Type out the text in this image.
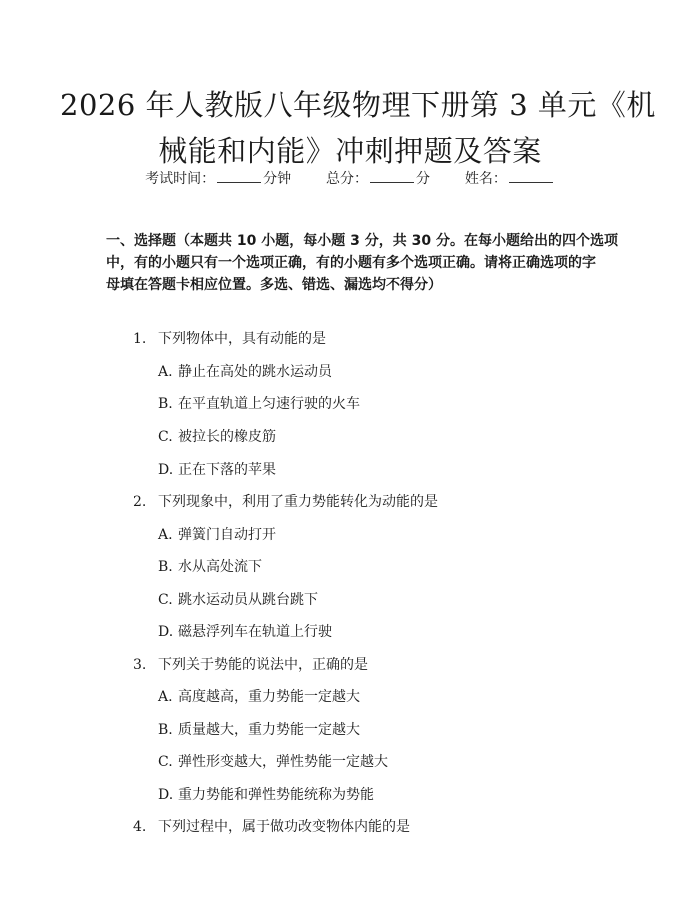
2026 年人教版八年级物理下册第 3 单元《机
械能和内能》冲刺押题及答案
考试时间：	分钟 总分：	分 姓名：
一、选择题（本题共 10 小题，每小题 3 分，共 30 分。在每小题给出的四个选项
中，有的小题只有一个选项正确，有的小题有多个选项正确。请将正确选项的字
母填在答题卡相应位置。多选、错选、漏选均不得分）
1. 下列物体中，具有动能的是
A. 静止在高处的跳水运动员
B. 在平直轨道上匀速行驶的火车
C. 被拉长的橡皮筋
D. 正在下落的苹果
2. 下列现象中，利用了重力势能转化为动能的是
A. 弹簧门自动打开
B. 水从高处流下
C. 跳水运动员从跳台跳下
D. 磁悬浮列车在轨道上行驶
3. 下列关于势能的说法中，正确的是
A. 高度越高，重力势能一定越大
B. 质量越大，重力势能一定越大
C. 弹性形变越大，弹性势能一定越大
D. 重力势能和弹性势能统称为势能
4. 下列过程中，属于做功改变物体内能的是
